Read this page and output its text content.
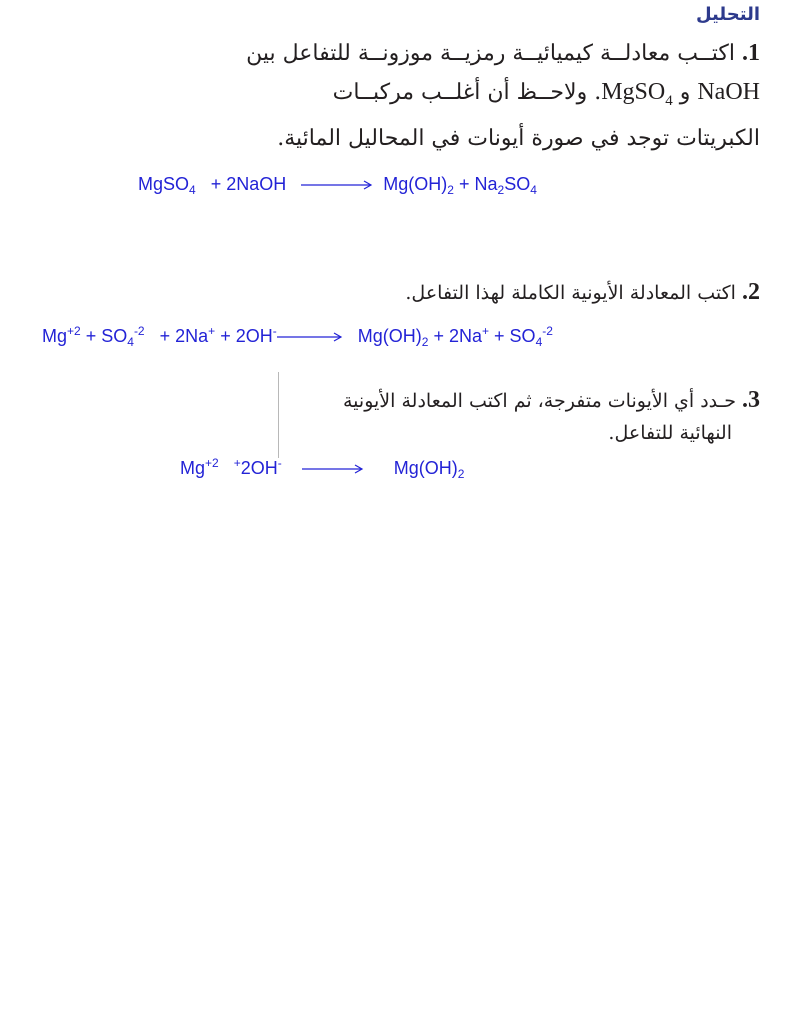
التحليل
1. اكتــب معادلــة كيميائيــة رمزيــة موزونــة للتفاعل بين
NaOH و MgSO$_4$. ولاحــظ أن أغلــب مركبــات
الكبريتات توجد في صورة أيونات في المحاليل المائية.
MgSO$_4$ + 2NaOH → $Mg(OH)_2 + Na_2SO_4$
2. اكتب المعادلة الأيونية الكاملة لهذا التفاعل.
$Mg^{+2} + SO_4^{-2} + 2Na^+ + 2OH^-\to Mg(OH)_2 + 2Na^+ + SO_4^{-2}$
3. حـدد أي الأيونات متفرجة، ثم اكتب المعادلة الأيونية
النهائية للتفاعل.
$Mg^{+2}$ $^+2OH^- \to Mg(OH)_2$
